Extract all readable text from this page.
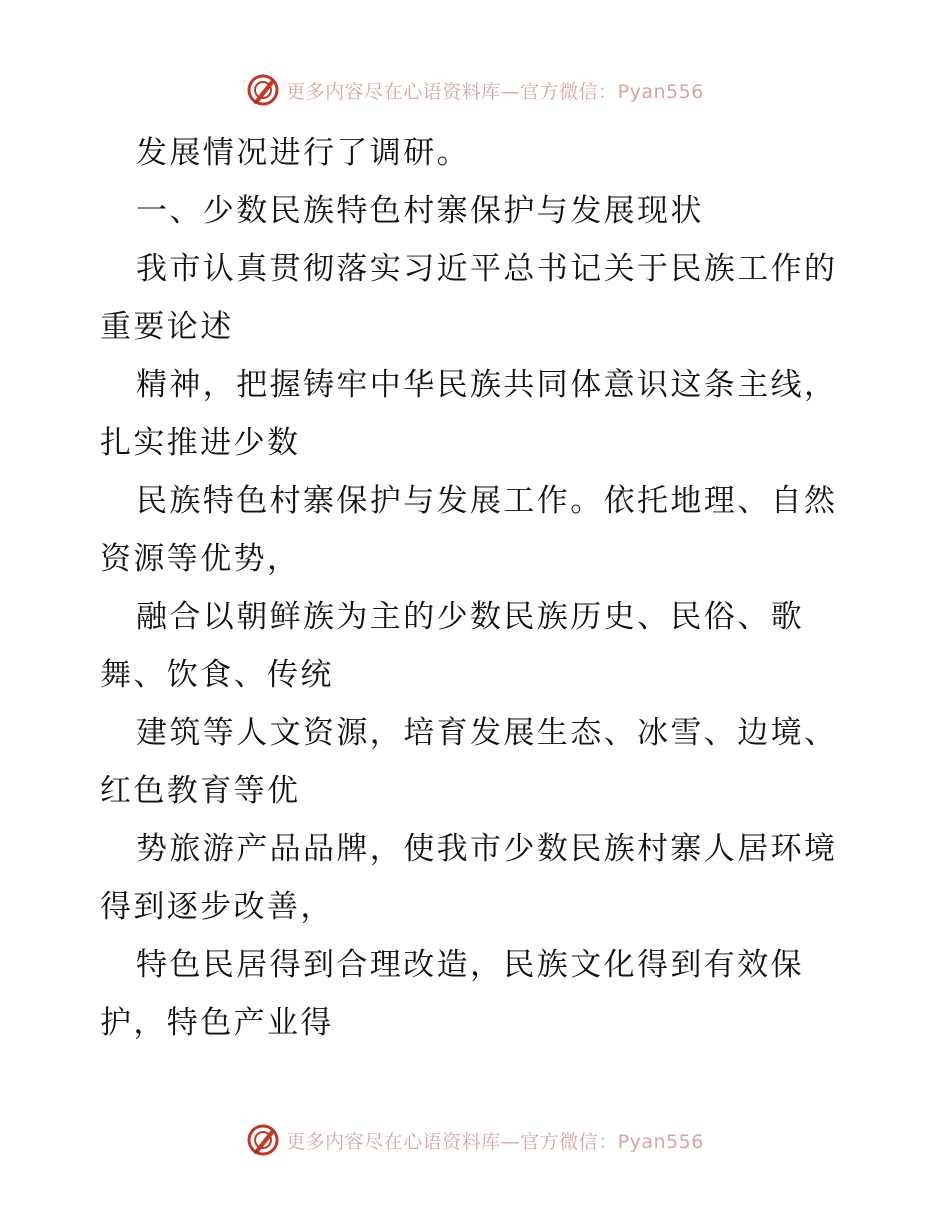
更多内容尽在心语资料库—官方微信：Pyan556
发展情况进行了调研。
一、少数民族特色村寨保护与发展现状
我市认真贯彻落实习近平总书记关于民族工作的
重要论述
精神，把握铸牢中华民族共同体意识这条主线，
扎实推进少数
民族特色村寨保护与发展工作。依托地理、自然
资源等优势，
融合以朝鲜族为主的少数民族历史、民俗、歌
舞、饮食、传统
建筑等人文资源，培育发展生态、冰雪、边境、
红色教育等优
势旅游产品品牌，使我市少数民族村寨人居环境
得到逐步改善，
特色民居得到合理改造，民族文化得到有效保
护，特色产业得
更多内容尽在心语资料库—官方微信：Pyan556
